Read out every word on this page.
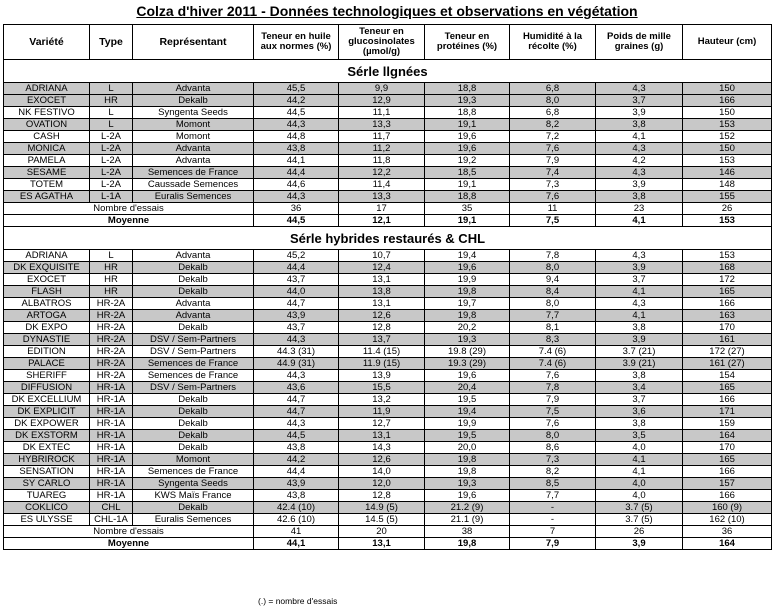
Colza d'hiver 2011 - Données technologiques et observations en végétation
Variété	Type	Représentant	Teneur en huile aux normes (%)	Teneur en glucosinolates (µmol/g)	Teneur en protéines (%)	Humidité à la récolte (%)	Poids de mille graines (g)	Hauteur (cm)
Sérle llgnées								
ADRIANA	L	Advanta	45,5	9,9	18,8	6,8	4,3	150
EXOCET	HR	Dekalb	44,2	12,9	19,3	8,0	3,7	166
NK FESTIVO	L	Syngenta Seeds	44,5	11,1	18,8	6,8	3,9	150
OVATION	L	Momont	44,3	13,3	19,1	8,2	3,8	153
CASH	L-2A	Momont	44,8	11,7	19,6	7,2	4,1	152
MONICA	L-2A	Advanta	43,8	11,2	19,6	7,6	4,3	150
PAMELA	L-2A	Advanta	44,1	11,8	19,2	7,9	4,2	153
SESAME	L-2A	Semences de France	44,4	12,2	18,5	7,4	4,3	146
TOTEM	L-2A	Caussade Semences	44,6	11,4	19,1	7,3	3,9	148
ES AGATHA	L-1A	Euralis Semences	44,3	13,3	18,8	7,6	3,8	155
Nombre d'essais			36	17	35	11	23	26
Moyenne			44,5	12,1	19,1	7,5	4,1	153
Sérle hybrides restaurés & CHL								
ADRIANA	L	Advanta	45,2	10,7	19,4	7,8	4,3	153
DK EXQUISITE	HR	Dekalb	44,4	12,4	19,6	8,0	3,9	168
EXOCET	HR	Dekalb	43,7	13,1	19,9	9,4	3,7	172
FLASH	HR	Dekalb	44,0	13,8	19,8	8,4	4,1	165
ALBATROS	HR-2A	Advanta	44,7	13,1	19,7	8,0	4,3	166
ARTOGA	HR-2A	Advanta	43,9	12,6	19,8	7,7	4,1	163
DK EXPO	HR-2A	Dekalb	43,7	12,8	20,2	8,1	3,8	170
DYNASTIE	HR-2A	DSV / Sem-Partners	44,3	13,7	19,3	8,3	3,9	161
EDITION	HR-2A	DSV / Sem-Partners	44.3 (31)	11.4 (15)	19.8 (29)	7.4 (6)	3.7 (21)	172 (27)
PALACE	HR-2A	Semences de France	44.9 (31)	11.9 (15)	19.3 (29)	7.4 (6)	3.9 (21)	161 (27)
SHERIFF	HR-2A	Semences de France	44,3	13,9	19,6	7,6	3,8	154
DIFFUSION	HR-1A	DSV / Sem-Partners	43,6	15,5	20,4	7,8	3,4	165
DK EXCELLIUM	HR-1A	Dekalb	44,7	13,2	19,5	7,9	3,7	166
DK EXPLICIT	HR-1A	Dekalb	44,7	11,9	19,4	7,5	3,6	171
DK EXPOWER	HR-1A	Dekalb	44,3	12,7	19,9	7,6	3,8	159
DK EXSTORM	HR-1A	Dekalb	44,5	13,1	19,5	8,0	3,5	164
DK EXTEC	HR-1A	Dekalb	43,8	14,3	20,0	8,6	4,0	170
HYBRIROCK	HR-1A	Momont	44,2	12,6	19,8	7,3	4,1	165
SENSATION	HR-1A	Semences de France	44,4	14,0	19,8	8,2	4,1	166
SY CARLO	HR-1A	Syngenta Seeds	43,9	12,0	19,3	8,5	4,0	157
TUAREG	HR-1A	KWS Maïs France	43,8	12,8	19,6	7,7	4,0	166
COKLICO	CHL	Dekalb	42.4 (10)	14.9 (5)	21.2 (9)	-	3.7 (5)	160 (9)
ES ULYSSE	CHL-1A	Euralis Semences	42.6 (10)	14.5 (5)	21.1 (9)	-	3.7 (5)	162 (10)
Nombre d'essais			41	20	38	7	26	36
Moyenne			44,1	13,1	19,8	7,9	3,9	164
(.) = nombre d'essais
